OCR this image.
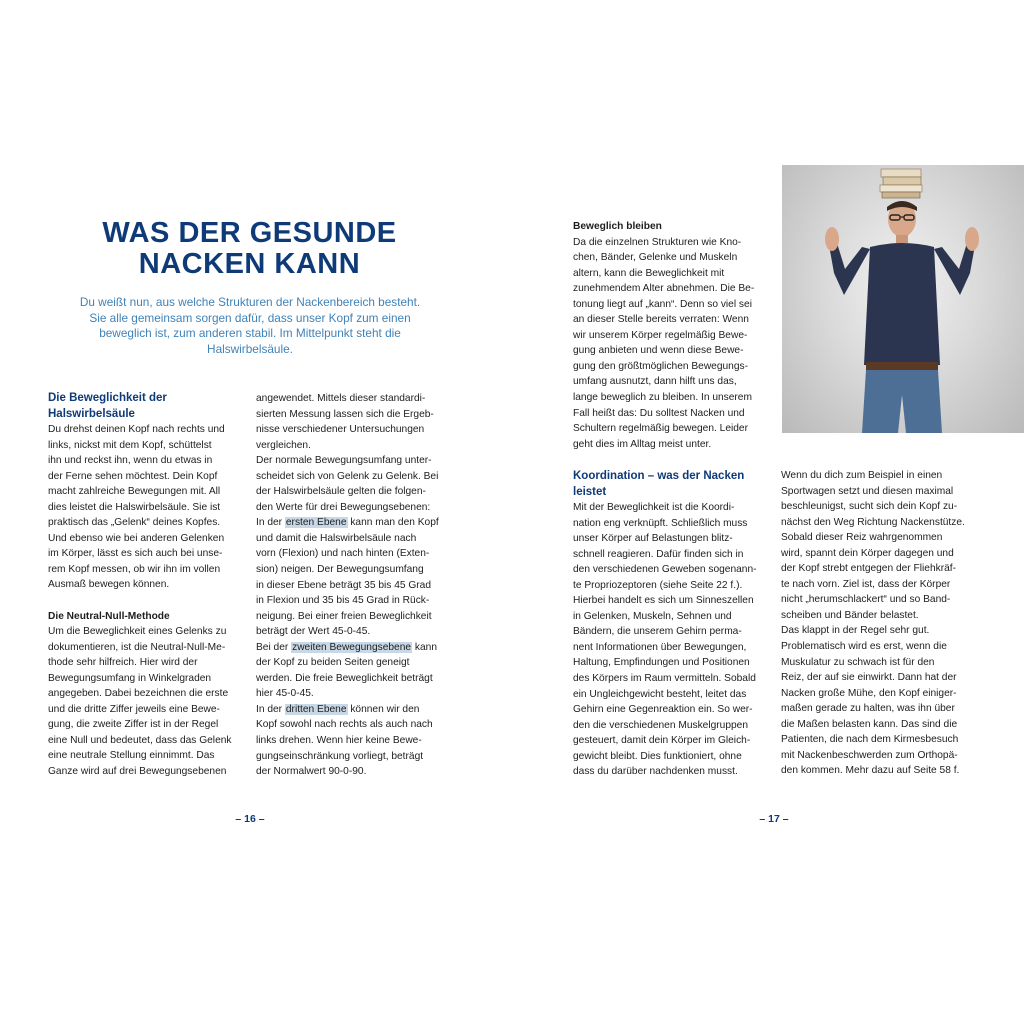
WAS DER GESUNDE
NACKEN KANN

Du weißt nun, aus welche Strukturen der Nackenbereich besteht. Sie alle gemeinsam sorgen dafür, dass unser Kopf zum einen beweglich ist, zum anderen stabil. Im Mittelpunkt steht die Halswirbelsäule.

Die Beweglichkeit der Halswirbelsäule

Du drehst deinen Kopf nach rechts und
links, nickst mit dem Kopf, schüttelst
ihn und reckst ihn, wenn du etwas in
der Ferne sehen möchtest. Dein Kopf
macht zahlreiche Bewegungen mit. All
dies leistet die Halswirbelsäule. Sie ist
praktisch das „Gelenk“ deines Kopfes.
Und ebenso wie bei anderen Gelenken
im Körper, lässt es sich auch bei unse-
rem Kopf messen, ob wir ihn im vollen
Ausmaß bewegen können.

Die Neutral-Null-Methode

Um die Beweglichkeit eines Gelenks zu
dokumentieren, ist die Neutral-Null-Me-
thode sehr hilfreich. Hier wird der
Bewegungsumfang in Winkelgraden
angegeben. Dabei bezeichnen die erste
und die dritte Ziffer jeweils eine Bewe-
gung, die zweite Ziffer ist in der Regel
eine Null und bedeutet, dass das Gelenk
eine neutrale Stellung einnimmt. Das
Ganze wird auf drei Bewegungsebenen

angewendet. Mittels dieser standardi-
sierten Messung lassen sich die Ergeb-
nisse verschiedener Untersuchungen
vergleichen.

Der normale Bewegungsumfang unter-
scheidet sich von Gelenk zu Gelenk. Bei
der Halswirbelsäule gelten die folgen-
den Werte für drei Bewegungsebenen:

In der ersten Ebene kann man den Kopf
und damit die Halswirbelsäule nach
vorn (Flexion) und nach hinten (Exten-
sion) neigen. Der Bewegungsumfang
in dieser Ebene beträgt 35 bis 45 Grad
in Flexion und 35 bis 45 Grad in Rück-
neigung. Bei einer freien Beweglichkeit
beträgt der Wert 45-0-45.

Bei der zweiten Bewegungsebene kann
der Kopf zu beiden Seiten geneigt
werden. Die freie Beweglichkeit beträgt
hier 45-0-45.

In der dritten Ebene können wir den
Kopf sowohl nach rechts als auch nach
links drehen. Wenn hier keine Bewe-
gungseinschränkung vorliegt, beträgt
der Normalwert 90-0-90.

– 16 –
Beweglich bleiben

Da die einzelnen Strukturen wie Kno-
chen, Bänder, Gelenke und Muskeln
altern, kann die Beweglichkeit mit
zunehmendem Alter abnehmen. Die Be-
tonung liegt auf „kann“. Denn so viel sei
an dieser Stelle bereits verraten: Wenn
wir unserem Körper regelmäßig Bewe-
gung anbieten und wenn diese Bewe-
gung den größtmöglichen Bewegungs-
umfang ausnutzt, dann hilft uns das,
lange beweglich zu bleiben. In unserem
Fall heißt das: Du solltest Nacken und
Schultern regelmäßig bewegen. Leider
geht dies im Alltag meist unter.

Koordination – was der Nacken leistet

Mit der Beweglichkeit ist die Koordi-
nation eng verknüpft. Schließlich muss
unser Körper auf Belastungen blitz-
schnell reagieren. Dafür finden sich in
den verschiedenen Geweben sogenann-
te Propriozeptoren (siehe Seite 22 f.).
Hierbei handelt es sich um Sinneszellen
in Gelenken, Muskeln, Sehnen und
Bändern, die unserem Gehirn perma-
nent Informationen über Bewegungen,
Haltung, Empfindungen und Positionen
des Körpers im Raum vermitteln. Sobald
ein Ungleichgewicht besteht, leitet das
Gehirn eine Gegenreaktion ein. So wer-
den die verschiedenen Muskelgruppen
gesteuert, damit dein Körper im Gleich-
gewicht bleibt. Dies funktioniert, ohne
dass du darüber nachdenken musst.

Wenn du dich zum Beispiel in einen
Sportwagen setzt und diesen maximal
beschleunigst, sucht sich dein Kopf zu-
nächst den Weg Richtung Nackenstütze.
Sobald dieser Reiz wahrgenommen
wird, spannt dein Körper dagegen und
der Kopf strebt entgegen der Fliehkräf-
te nach vorn. Ziel ist, dass der Körper
nicht „herumschlackert“ und so Band-
scheiben und Bänder belastet.
Das klappt in der Regel sehr gut.
Problematisch wird es erst, wenn die
Muskulatur zu schwach ist für den
Reiz, der auf sie einwirkt. Dann hat der
Nacken große Mühe, den Kopf einiger-
maßen gerade zu halten, was ihn über
die Maßen belasten kann. Das sind die
Patienten, die nach dem Kirmesbesuch
mit Nackenbeschwerden zum Orthopä-
den kommen. Mehr dazu auf Seite 58 f.

– 17 –
